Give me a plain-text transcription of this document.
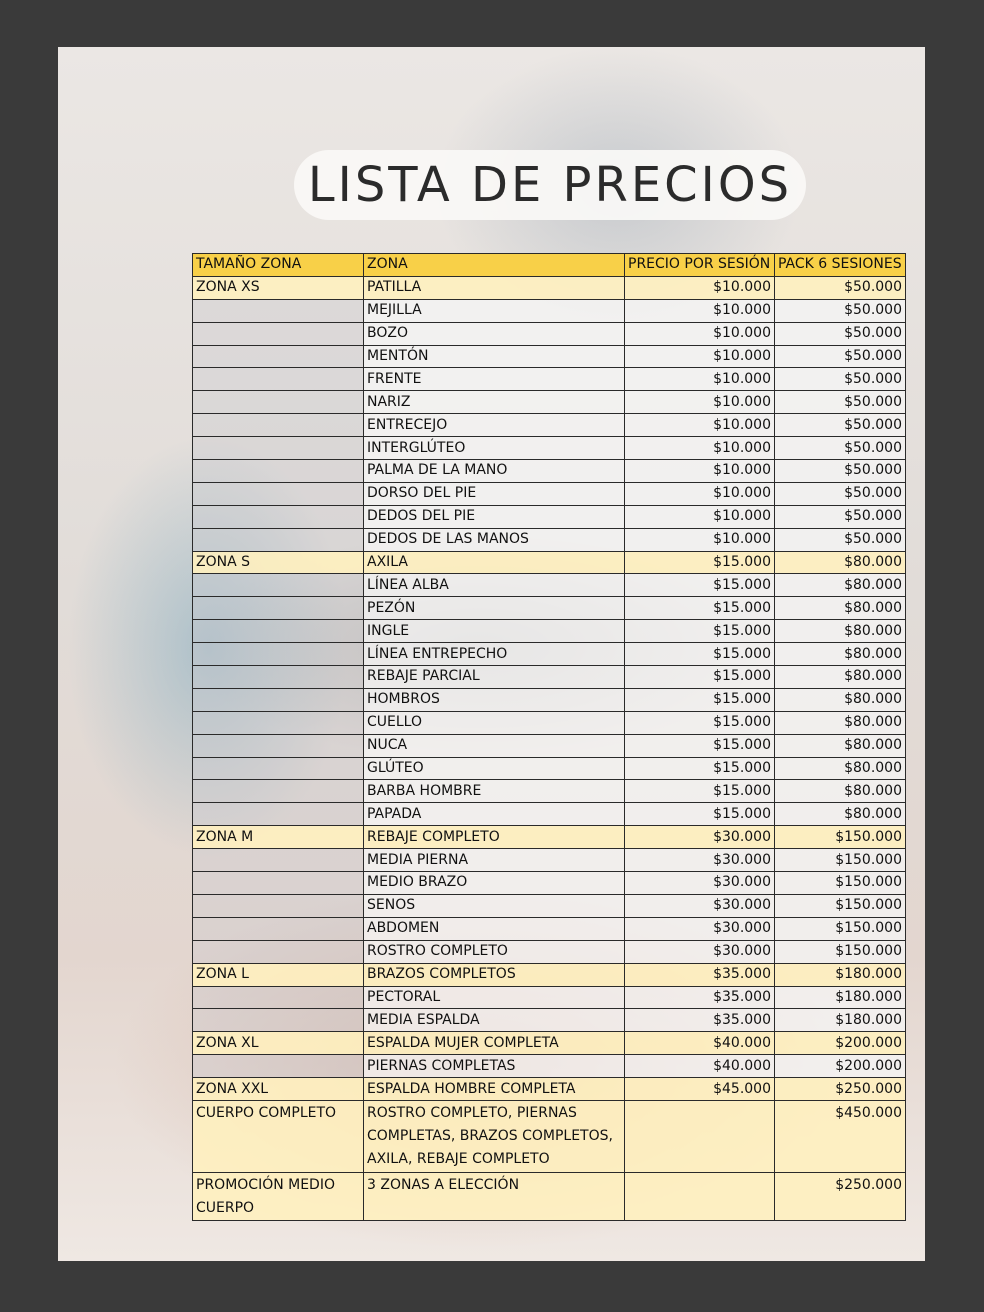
LISTA DE PRECIOS
TAMAÑO ZONA	ZONA	PRECIO POR SESIÓN	PACK 6 SESIONES
ZONA XS	PATILLA	$10.000	$50.000
	MEJILLA	$10.000	$50.000
	BOZO	$10.000	$50.000
	MENTÓN	$10.000	$50.000
	FRENTE	$10.000	$50.000
	NARIZ	$10.000	$50.000
	ENTRECEJO	$10.000	$50.000
	INTERGLÚTEO	$10.000	$50.000
	PALMA DE LA MANO	$10.000	$50.000
	DORSO DEL PIE	$10.000	$50.000
	DEDOS DEL PIE	$10.000	$50.000
	DEDOS DE LAS MANOS	$10.000	$50.000
ZONA S	AXILA	$15.000	$80.000
	LÍNEA ALBA	$15.000	$80.000
	PEZÓN	$15.000	$80.000
	INGLE	$15.000	$80.000
	LÍNEA ENTREPECHO	$15.000	$80.000
	REBAJE PARCIAL	$15.000	$80.000
	HOMBROS	$15.000	$80.000
	CUELLO	$15.000	$80.000
	NUCA	$15.000	$80.000
	GLÚTEO	$15.000	$80.000
	BARBA HOMBRE	$15.000	$80.000
	PAPADA	$15.000	$80.000
ZONA M	REBAJE COMPLETO	$30.000	$150.000
	MEDIA PIERNA	$30.000	$150.000
	MEDIO BRAZO	$30.000	$150.000
	SENOS	$30.000	$150.000
	ABDOMEN	$30.000	$150.000
	ROSTRO COMPLETO	$30.000	$150.000
ZONA L	BRAZOS COMPLETOS	$35.000	$180.000
	PECTORAL	$35.000	$180.000
	MEDIA ESPALDA	$35.000	$180.000
ZONA XL	ESPALDA MUJER COMPLETA	$40.000	$200.000
	PIERNAS COMPLETAS	$40.000	$200.000
ZONA XXL	ESPALDA HOMBRE COMPLETA	$45.000	$250.000
CUERPO COMPLETO	ROSTRO COMPLETO, PIERNAS COMPLETAS, BRAZOS COMPLETOS, AXILA, REBAJE COMPLETO		$450.000
PROMOCIÓN MEDIO CUERPO	3 ZONAS A ELECCIÓN		$250.000
